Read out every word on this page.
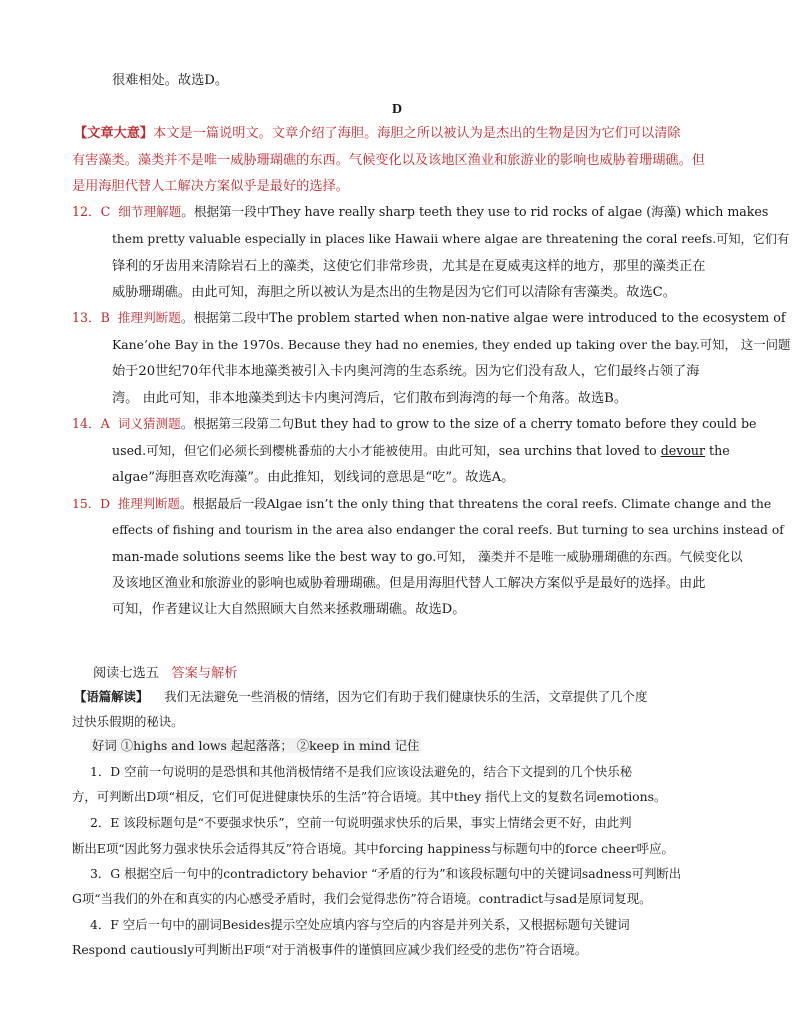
很难相处。故选D。
D
【文章大意】本文是一篇说明文。文章介绍了海胆。海胆之所以被认为是杰出的生物是因为它们可以清除
有害藻类。藻类并不是唯一威胁珊瑚礁的东西。气候变化以及该地区渔业和旅游业的影响也威胁着珊瑚礁。但
是用海胆代替人工解决方案似乎是最好的选择。
12．C 细节理解题。根据第一段中They have really sharp teeth they use to rid rocks of algae (海藻) which makes
them pretty valuable especially in places like Hawaii where algae are threatening the coral reefs.可知，它们有
锋利的牙齿用来清除岩石上的藻类，这使它们非常珍贵，尤其是在夏威夷这样的地方，那里的藻类正在
威胁珊瑚礁。由此可知，海胆之所以被认为是杰出的生物是因为它们可以清除有害藻类。故选C。
13．B 推理判断题。根据第二段中The problem started when non-native algae were introduced to the ecosystem of
Kane’ohe Bay in the 1970s. Because they had no enemies, they ended up taking over the bay.可知， 这一问题
始于20世纪70年代非本地藻类被引入卡内奥河湾的生态系统。因为它们没有敌人，它们最终占领了海
湾。 由此可知，非本地藻类到达卡内奥河湾后，它们散布到海湾的每一个角落。故选B。
14．A 词义猜测题。根据第三段第二句But they had to grow to the size of a cherry tomato before they could be
used.可知，但它们必须长到樱桃番茄的大小才能被使用。由此可知，sea urchins that loved to devour the
algae”海胆喜欢吃海藻”。由此推知，划线词的意思是“吃”。故选A。
15．D 推理判断题。根据最后一段Algae isn’t the only thing that threatens the coral reefs. Climate change and the
effects of fishing and tourism in the area also endanger the coral reefs. But turning to sea urchins instead of
man-made solutions seems like the best way to go.可知， 藻类并不是唯一威胁珊瑚礁的东西。气候变化以
及该地区渔业和旅游业的影响也威胁着珊瑚礁。但是用海胆代替人工解决方案似乎是最好的选择。由此
可知，作者建议让大自然照顾大自然来拯救珊瑚礁。故选D。
阅读七选五 答案与解析
【语篇解读】 我们无法避免一些消极的情绪，因为它们有助于我们健康快乐的生活，文章提供了几个度
过快乐假期的秘诀。
好词 ①highs and lows 起起落落； ②keep in mind 记住
1．D 空前一句说明的是恐惧和其他消极情绪不是我们应该设法避免的，结合下文提到的几个快乐秘
方，可判断出D项“相反，它们可促进健康快乐的生活”符合语境。其中they 指代上文的复数名词emotions。
2．E 该段标题句是“不要强求快乐”，空前一句说明强求快乐的后果，事实上情绪会更不好，由此判
断出E项“因此努力强求快乐会适得其反”符合语境。其中forcing happiness与标题句中的force cheer呼应。
3．G 根据空后一句中的contradictory behavior “矛盾的行为”和该段标题句中的关键词sadness可判断出
G项“当我们的外在和真实的内心感受矛盾时，我们会觉得悲伤”符合语境。contradict与sad是原词复现。
4．F 空后一句中的副词Besides提示空处应填内容与空后的内容是并列关系，又根据标题句关键词
Respond cautiously可判断出F项“对于消极事件的谨慎回应减少我们经受的悲伤”符合语境。
